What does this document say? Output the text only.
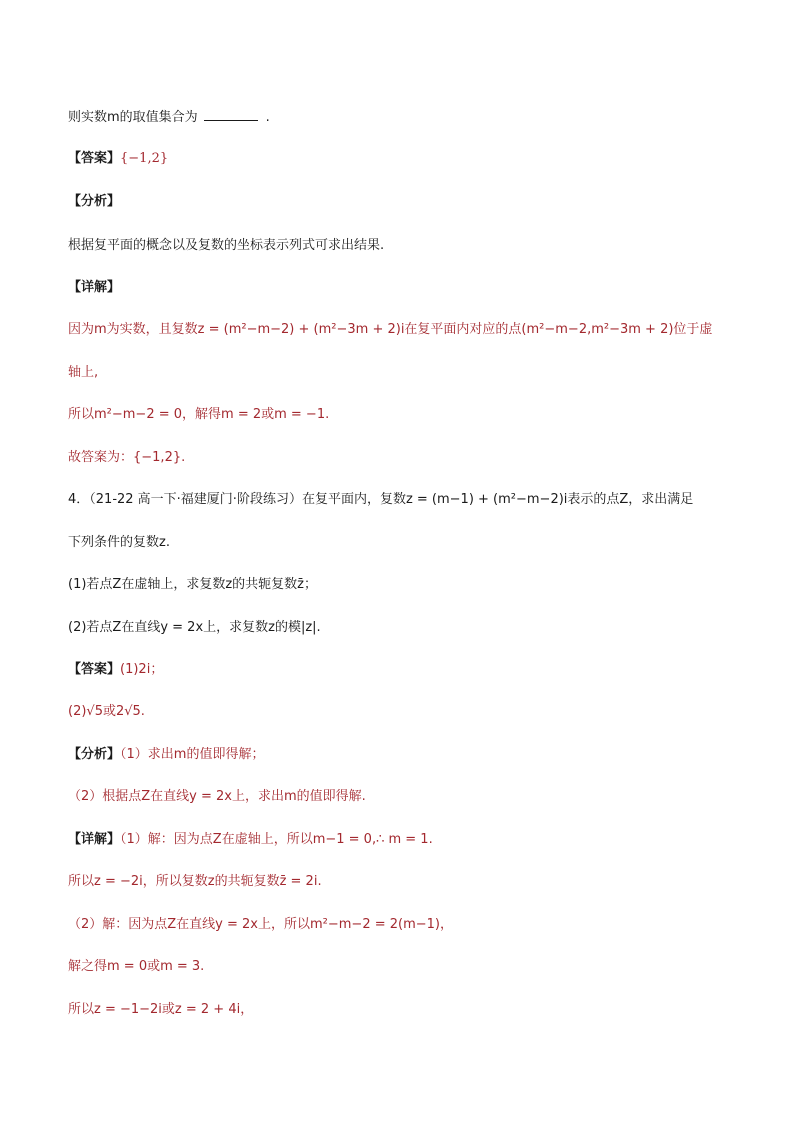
则实数m的取值集合为	.
【答案】{−1,2}
【分析】
根据复平面的概念以及复数的坐标表示列式可求出结果.
【详解】
因为m为实数，且复数z = (m²−m−2) + (m²−3m + 2)i在复平面内对应的点(m²−m−2,m²−3m + 2)位于虚
轴上,
所以m²−m−2 = 0，解得m = 2或m = −1.
故答案为：{−1,2}.
4．（21-22 高一下·福建厦门·阶段练习）在复平面内，复数z = (m−1) + (m²−m−2)i表示的点Z，求出满足
下列条件的复数z.
(1)若点Z在虚轴上，求复数z的共轭复数z̄；
(2)若点Z在直线y = 2x上，求复数z的模|z|.
【答案】(1)2i；
(2)√5或2√5.
【分析】（1）求出m的值即得解；
（2）根据点Z在直线y = 2x上，求出m的值即得解.
【详解】（1）解：因为点Z在虚轴上，所以m−1 = 0,∴ m = 1.
所以z = −2i，所以复数z的共轭复数z̄ = 2i.
（2）解：因为点Z在直线y = 2x上，所以m²−m−2 = 2(m−1)，
解之得m = 0或m = 3.
所以z = −1−2i或z = 2 + 4i，
